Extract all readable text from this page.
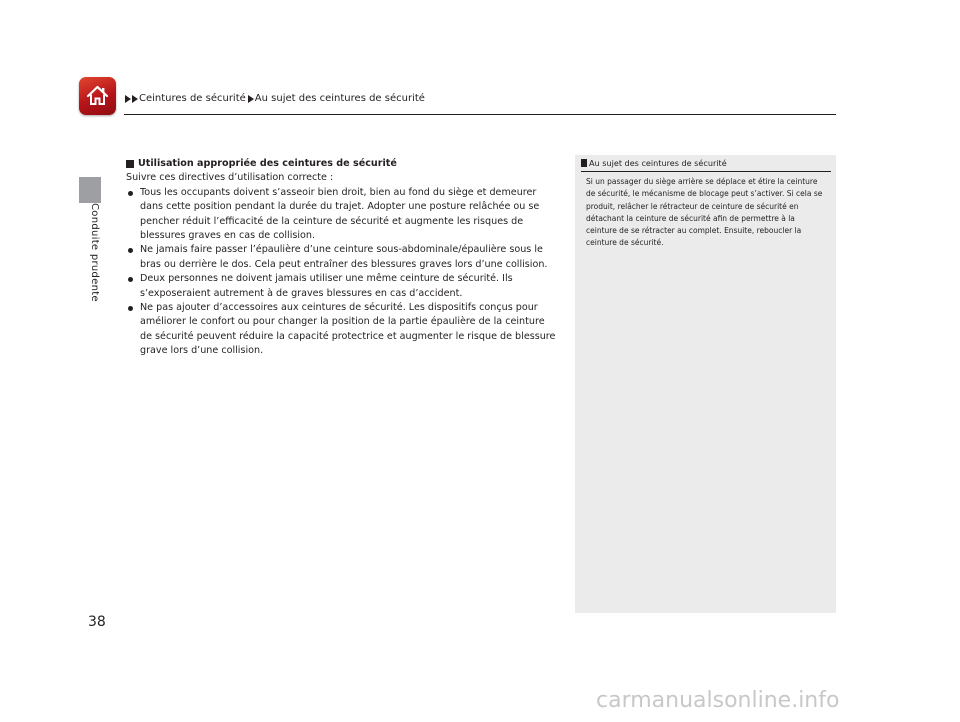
Ceintures de sécurité Au sujet des ceintures de sécurité
Conduite prudente
Utilisation appropriée des ceintures de sécurité

Suivre ces directives d’utilisation correcte :

Tous les occupants doivent s’asseoir bien droit, bien au fond du siège et demeurer dans cette position pendant la durée du trajet. Adopter une posture relâchée ou se pencher réduit l’efficacité de la ceinture de sécurité et augmente les risques de blessures graves en cas de collision.
Ne jamais faire passer l’épaulière d’une ceinture sous-abdominale/épaulière sous le bras ou derrière le dos. Cela peut entraîner des blessures graves lors d’une collision.
Deux personnes ne doivent jamais utiliser une même ceinture de sécurité. Ils s’exposeraient autrement à de graves blessures en cas d’accident.
Ne pas ajouter d’accessoires aux ceintures de sécurité. Les dispositifs conçus pour améliorer le confort ou pour changer la position de la partie épaulière de la ceinture de sécurité peuvent réduire la capacité protectrice et augmenter le risque de blessure grave lors d’une collision.
Au sujet des ceintures de sécurité
Si un passager du siège arrière se déplace et étire la ceinture de sécurité, le mécanisme de blocage peut s’activer. Si cela se produit, relâcher le rétracteur de ceinture de sécurité en détachant la ceinture de sécurité afin de permettre à la ceinture de se rétracter au complet. Ensuite, reboucler la ceinture de sécurité.
38
carmanualsonline.info
